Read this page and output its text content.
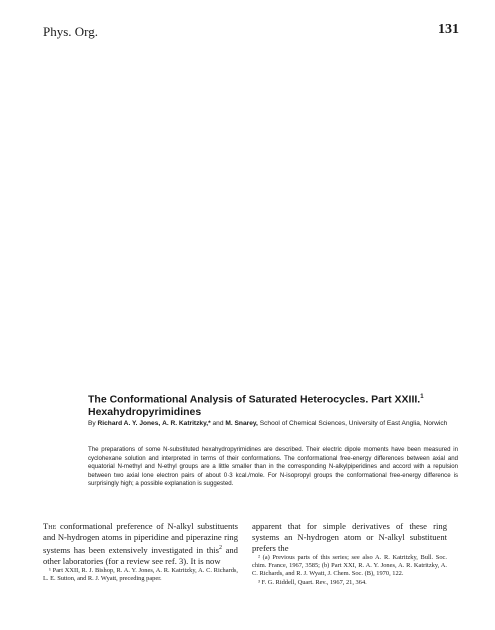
Phys. Org.	131
The Conformational Analysis of Saturated Heterocycles. Part XXIII.$^1$
Hexahydropyrimidines
By Richard A. Y. Jones, A. R. Katritzky,* and M. Snarey, School of Chemical Sciences, University of East Anglia, Norwich
The preparations of some N-substituted hexahydropyrimidines are described. Their electric dipole moments have been measured in cyclohexane solution and interpreted in terms of their conformations. The conformational free-energy differences between axial and equatorial N-methyl and N-ethyl groups are a little smaller than in the corresponding N-alkylpiperidines and accord with a repulsion between two axial lone electron pairs of about 0·3 kcal./mole. For N-isopropyl groups the conformational free-energy difference is surprisingly high; a possible explanation is suggested.

The conformational preference of N-alkyl substituents and N-hydrogen atoms in piperidine and piperazine ring systems has been extensively investigated in this$^2$ and other laboratories (for a review see ref. 3). It is now

¹ Part XXII, R. J. Bishop, R. A. Y. Jones, A. R. Katritzky, A. C. Richards, L. E. Sutton, and R. J. Wyatt, preceding paper.

apparent that for simple derivatives of these ring systems an N-hydrogen atom or N-alkyl substituent prefers the

² (a) Previous parts of this series; see also A. R. Katritzky, Bull. Soc. chim. France, 1967, 3585; (b) Part XXI, R. A. Y. Jones, A. R. Katritzky, A. C. Richards, and R. J. Wyatt, J. Chem. Soc. (B), 1970, 122.

³ F. G. Riddell, Quart. Rev., 1967, 21, 364.
